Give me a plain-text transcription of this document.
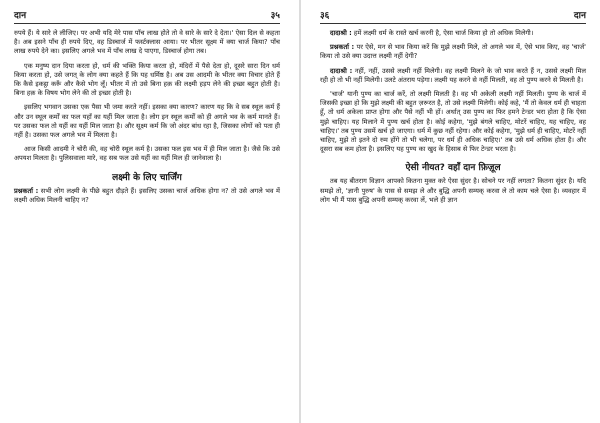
दान	३५

रुपये हैं। ये सारे ले लीजिए। पर अभी यदि मेरे पास पाँच लाख होते तो वे सारे के सारे दे देता।' ऐसा दिल से कहता है। अब इसने पाँच ही रुपये दिए, वह डिस्चार्ज में फर्स्टक्लास आया। पर भीतर सूक्ष्म में क्या चार्ज किया? पाँच लाख रुपये देने का। इसलिए अगले भव में पाँच लाख दे पाएगा, डिस्चार्ज होगा तब।

एक मनुष्य दान दिया करता हो, धर्म की भक्ति किया करता हो, मंदिरों में पैसे देता हो, दूसरे सारा दिन धर्म किया करता हो, उसे जगत् के लोग क्या कहते हैं कि यह धर्मिष्ठ है। अब उस आदमी के भीतर क्या विचार होते हैं कि कैसे इकट्ठा करूँ और कैसे भोग लूँ। भीतर में तो उसे बिना हक़ की लक्ष्मी हड़प लेने की इच्छा बहुत होती है। बिना हक़ के विषय भोग लेने की तो इच्छा होती है।

इसलिए भगवान उसका एक पैसा भी जमा करते नहीं। इसका क्या कारण? कारण यह कि वे सब स्थूल कर्म हैं और उन स्थूल कर्मों का फल यहाँ का यहीं मिल जाता है। लोग इन स्थूल कर्मों को ही अगले भव के कर्म मानते हैं। पर उसका फल तो यहीं का यहीं मिल जाता है। और सूक्ष्म कर्म कि जो अंदर बांध रहा है, जिसका लोगों को पता ही नहीं है। उसका फल अगले भव में मिलता है।

आज किसी आदमी ने चोरी की, वह चोरी स्थूल कर्म है। उसका फल इस भव में ही मिल जाता है। जैसे कि उसे अपयश मिलता है। पुलिसवाला मारे, वह सब फल उसे यहीं का यहीं मिल ही जानेवाला है।

लक्ष्मी के लिए चार्जिंग

प्रश्नकर्ता : सभी लोग लक्ष्मी के पीछे बहुत दौड़ते हैं। इसलिए उसका चार्ज अधिक होगा न? तो उसे अगले भव में लक्ष्मी अधिक मिलनी चाहिए न?

३६	दान

दादाश्री : हमें लक्ष्मी धर्म के रास्ते खर्च करनी है, ऐसा चार्ज किया हो तो अधिक मिलेगी।

प्रश्नकर्ता : पर ऐसे, मन से भाव किया करें कि मुझे लक्ष्मी मिले, तो अगले भव में, ऐसे भाव किए, वह 'चार्ज' किया तो उसे क्या उदात्त लक्ष्मी नहीं देगी?

दादाश्री : नहीं, नहीं, उससे लक्ष्मी नहीं मिलेगी। वह लक्ष्मी मिलने के जो भाव करते हैं न, उससे लक्ष्मी मिल रही हो तो भी नहीं मिलेगी। उलटे अंतराय पड़ेगा। लक्ष्मी यह करने से नहीं मिलती, वह तो पुण्य करने से मिलती है।

'चार्ज' यानी पुण्य का चार्ज करें, तो लक्ष्मी मिलती है। वह भी अकेली लक्ष्मी नहीं मिलती। पुण्य के चार्ज में जिसकी इच्छा हो कि मुझे लक्ष्मी की बहुत ज़रूरत है, तो उसे लक्ष्मी मिलेगी। कोई कहे, 'मैं तो केवल धर्म ही चाहता हूँ, तो धर्म अकेला प्राप्त होगा और पैसे नहीं भी हों। अर्थात् उस पुण्य का फिर हमने टेन्डर भरा होता है कि ऐसा मुझे चाहिए। यह मिलाने में पुण्य खर्च होता है। कोई कहेगा, 'मुझे बंगले चाहिए, मोटरें चाहिए, यह चाहिए, वह चाहिए।' तब पुण्य उसमें खर्च हो जाएगा। धर्म में कुछ नहीं रहेगा। और कोई कहेगा, 'मुझे धर्म ही चाहिए, मोटरें नहीं चाहिए, मुझे तो इतने दो रुम होंगे तो भी चलेगा, पर धर्म ही अधिक चाहिए।' तब उसे धर्म अधिक होता है। और दूसरा सब कम होता है। इसलिए यह पुण्य का खुद के हिसाब से फिर टेन्डर भरता है।

ऐसी नीयत? वहाँ दान फ़िज़ूल

तब यह बीतराग विज्ञान आपको कितना मुक्त करे ऐसा सुंदर है। सोचने पर नहीं लगता? कितना सुंदर है। यदि समझे तो, 'ज्ञानी पुरुष' के पास से समझ ले और बुद्धि अपनी सम्यक् करवा ले तो काम चले ऐसा है। व्यवहार में लोग भी मैं पास बुद्धि अपनी सम्यक् करवा लें, भले ही ज्ञान
